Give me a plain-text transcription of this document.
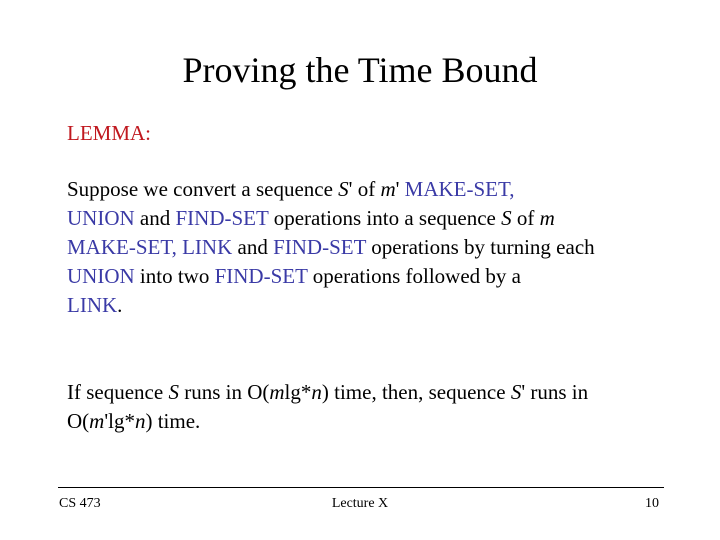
Proving the Time Bound
LEMMA:

Suppose we convert a sequence S' of m' MAKE-SET,
UNION and FIND-SET operations into a sequence S of m
MAKE-SET, LINK and FIND-SET operations by turning each UNION into two FIND-SET operations followed by a
LINK.

If sequence S runs in O(mlg*n) time, then, sequence S' runs in O(m'lg*n) time.

CS 473	Lecture X	10
